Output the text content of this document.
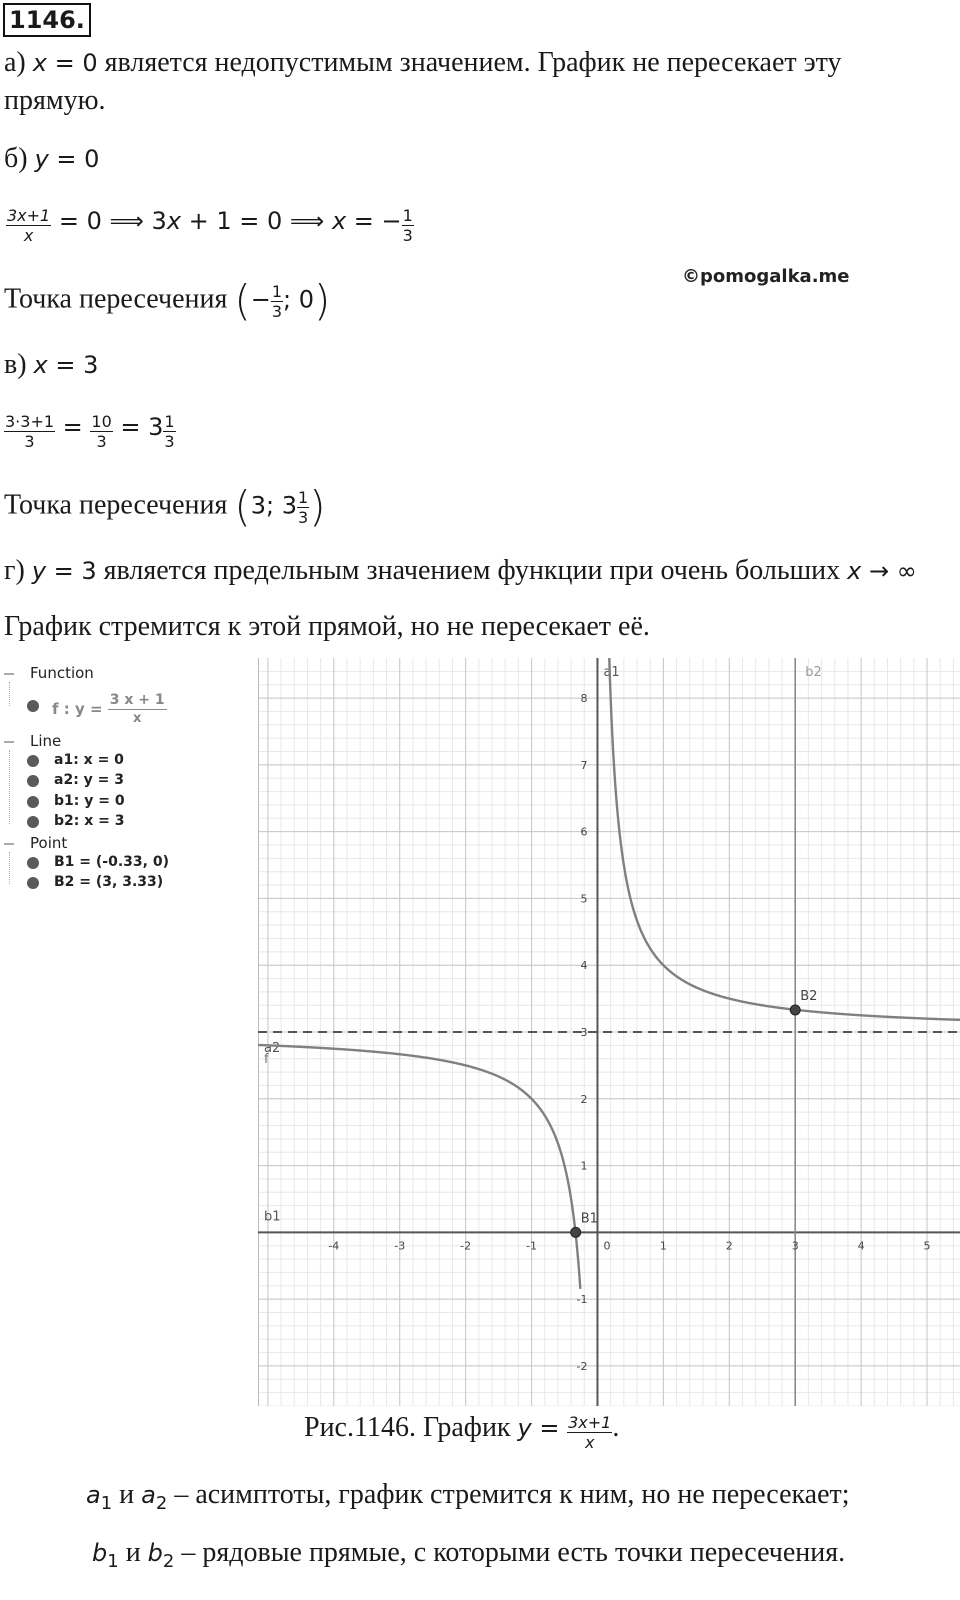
1146.
а) x = 0 является недопустимым значением. График не пересекает эту
прямую.
б) y = 0
$\frac{3x+1}{x} = 0$ ⟹ 3x + 1 = 0 ⟹ x = − $\frac{1}{3}$
Точка пересечения (− $\frac{1}{3}$ ; 0)	©pomogalka.me
в) x = 3
$\frac{3\cdot 3+1}{3} = \frac{10}{3} = 3 \frac{1}{3}$
Точка пересечения (3; $3 \frac{1}{3}$ )
г) y = 3 является предельным значением функции при очень больших x → ∞
График стремится к этой прямой, но не пересекает её.
Function
f : $y = \frac{3 x + 1}{x}$
Line
a1: x = 0
a2: y = 3
b1: y = 0
b2: x = 3
Point
B1 = (-0.33, 0)
B2 = (3, 3.33)
a1
a2
b1
b2
f
-4	-3	-2	-1	0	1	2	3	4	5
-2
-1
1
2
3
4
5
6
7
8
B1
B2
Рис.1146. График $y = \frac{3x+1}{x}$ .
$a_1$ и $a_2$ – асимптоты, график стремится к ним, но не пересекает;
$b_1$ и $b_2$ – рядовые прямые, с которыми есть точки пересечения.
